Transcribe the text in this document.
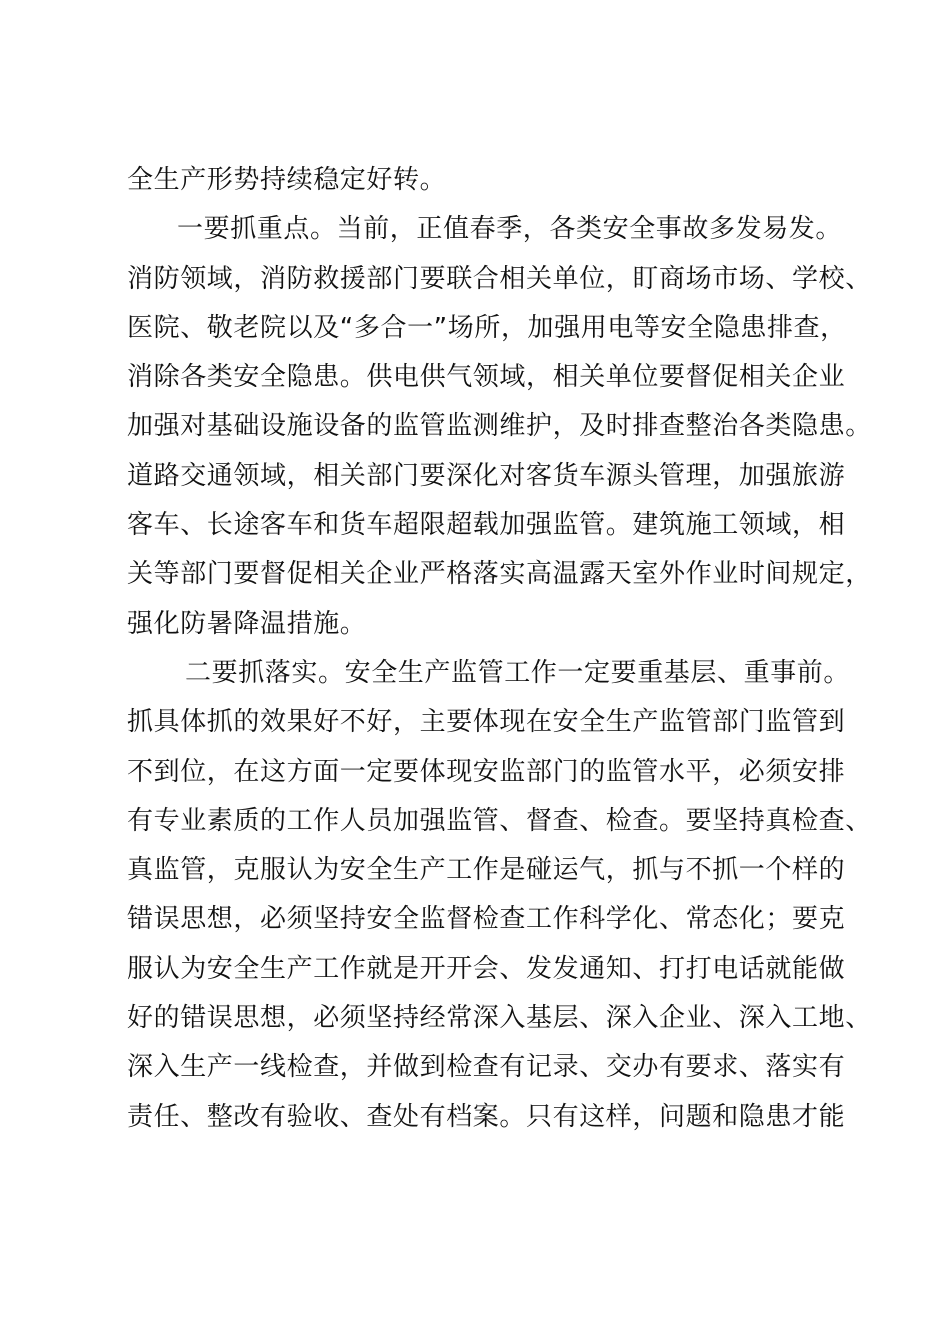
全生产形势持续稳定好转。
一要抓重点。当前，正值春季，各类安全事故多发易发。
消防领域，消防救援部门要联合相关单位，盯商场市场、学校、
医院、敬老院以及“多合一”场所，加强用电等安全隐患排查，
消除各类安全隐患。供电供气领域，相关单位要督促相关企业
加强对基础设施设备的监管监测维护，及时排查整治各类隐患。
道路交通领域，相关部门要深化对客货车源头管理，加强旅游
客车、长途客车和货车超限超载加强监管。建筑施工领域，相
关等部门要督促相关企业严格落实高温露天室外作业时间规定，
强化防暑降温措施。
二要抓落实。安全生产监管工作一定要重基层、重事前。
抓具体抓的效果好不好，主要体现在安全生产监管部门监管到
不到位，在这方面一定要体现安监部门的监管水平，必须安排
有专业素质的工作人员加强监管、督查、检查。要坚持真检查、
真监管，克服认为安全生产工作是碰运气，抓与不抓一个样的
错误思想，必须坚持安全监督检查工作科学化、常态化；要克
服认为安全生产工作就是开开会、发发通知、打打电话就能做
好的错误思想，必须坚持经常深入基层、深入企业、深入工地、
深入生产一线检查，并做到检查有记录、交办有要求、落实有
责任、整改有验收、查处有档案。只有这样，问题和隐患才能
